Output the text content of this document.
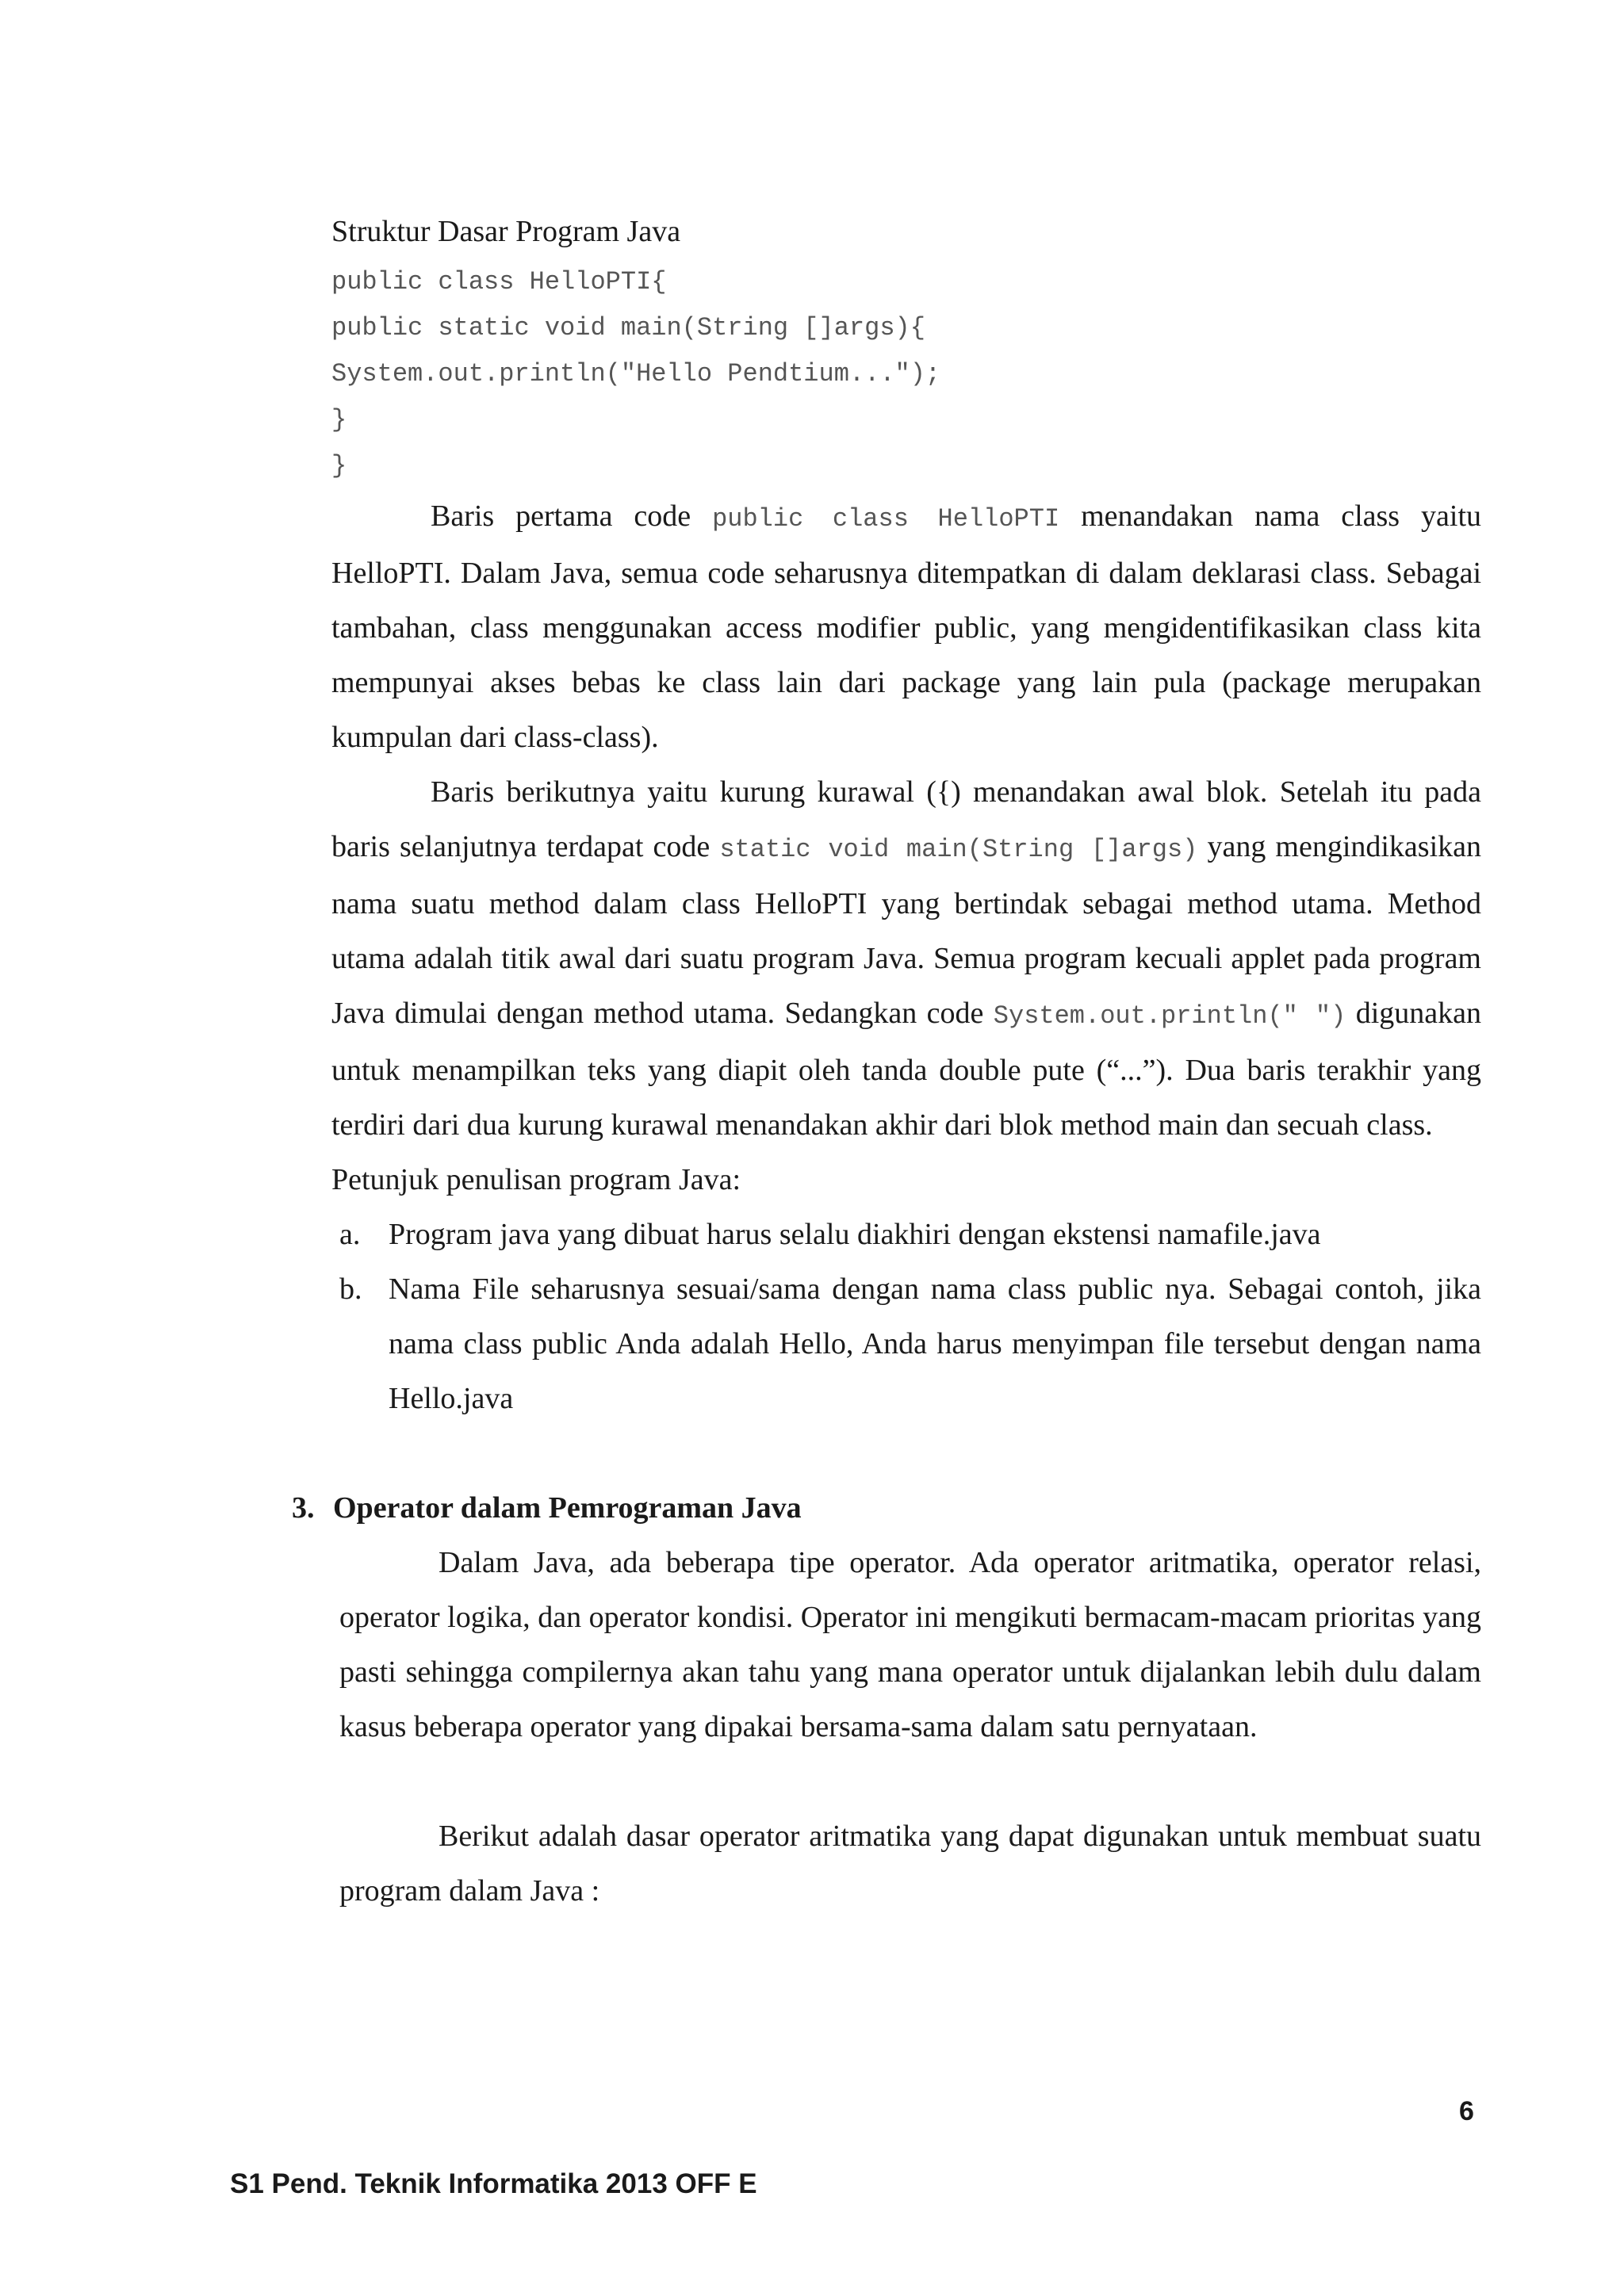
Struktur Dasar Program Java
public class HelloPTI{
public static void main(String []args){
System.out.println("Hello Pendtium...");
}
}

Baris pertama code public class HelloPTI menandakan nama class yaitu HelloPTI. Dalam Java, semua code seharusnya ditempatkan di dalam deklarasi class. Sebagai tambahan, class menggunakan access modifier public, yang mengidentifikasikan class kita mempunyai akses bebas ke class lain dari package yang lain pula (package merupakan kumpulan dari class-class).

Baris berikutnya yaitu kurung kurawal ({) menandakan awal blok. Setelah itu pada baris selanjutnya terdapat code static void main(String []args) yang mengindikasikan nama suatu method dalam class HelloPTI yang bertindak sebagai method utama. Method utama adalah titik awal dari suatu program Java. Semua program kecuali applet pada program Java dimulai dengan method utama. Sedangkan code System.out.println(" ") digunakan untuk menampilkan teks yang diapit oleh tanda double pute (“...”). Dua baris terakhir yang terdiri dari dua kurung kurawal menandakan akhir dari blok method main dan secuah class.

Petunjuk penulisan program Java:
a. Program java yang dibuat harus selalu diakhiri dengan ekstensi namafile.java
b. Nama File seharusnya sesuai/sama dengan nama class public nya. Sebagai contoh, jika nama class public Anda adalah Hello, Anda harus menyimpan file tersebut dengan nama Hello.java
3. Operator dalam Pemrograman Java

Dalam Java, ada beberapa tipe operator. Ada operator aritmatika, operator relasi, operator logika, dan operator kondisi. Operator ini mengikuti bermacam-macam prioritas yang pasti sehingga compilernya akan tahu yang mana operator untuk dijalankan lebih dulu dalam kasus beberapa operator yang dipakai bersama-sama dalam satu pernyataan.

Berikut adalah dasar operator aritmatika yang dapat digunakan untuk membuat suatu program dalam Java :

6
S1 Pend. Teknik Informatika 2013 OFF E
